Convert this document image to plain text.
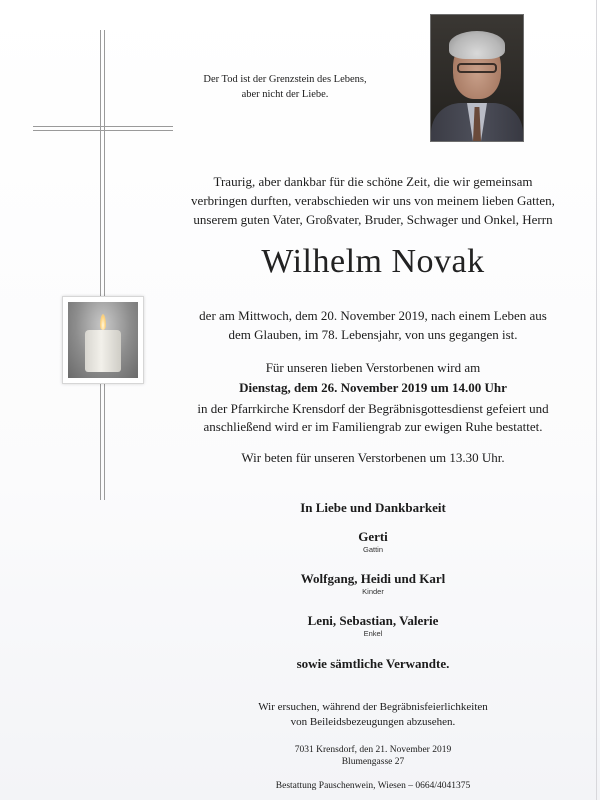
Der Tod ist der Grenzstein des Lebens,
aber nicht der Liebe.
Traurig, aber dankbar für die schöne Zeit, die wir gemeinsam
verbringen durften, verabschieden wir uns von meinem lieben Gatten,
unserem guten Vater, Großvater, Bruder, Schwager und Onkel, Herrn
Wilhelm Novak
der am Mittwoch, dem 20. November 2019, nach einem Leben aus
dem Glauben, im 78. Lebensjahr, von uns gegangen ist.
Für unseren lieben Verstorbenen wird am
Dienstag, dem 26. November 2019 um 14.00 Uhr
in der Pfarrkirche Krensdorf der Begräbnisgottesdienst gefeiert und
anschließend wird er im Familiengrab zur ewigen Ruhe bestattet.
Wir beten für unseren Verstorbenen um 13.30 Uhr.
In Liebe und Dankbarkeit
Gerti
Gattin
Wolfgang, Heidi und Karl
Kinder
Leni, Sebastian, Valerie
Enkel
sowie sämtliche Verwandte.
Wir ersuchen, während der Begräbnisfeierlichkeiten
von Beileidsbezeugungen abzusehen.
7031 Krensdorf, den 21. November 2019
Blumengasse 27
Bestattung Pauschenwein, Wiesen – 0664/4041375
